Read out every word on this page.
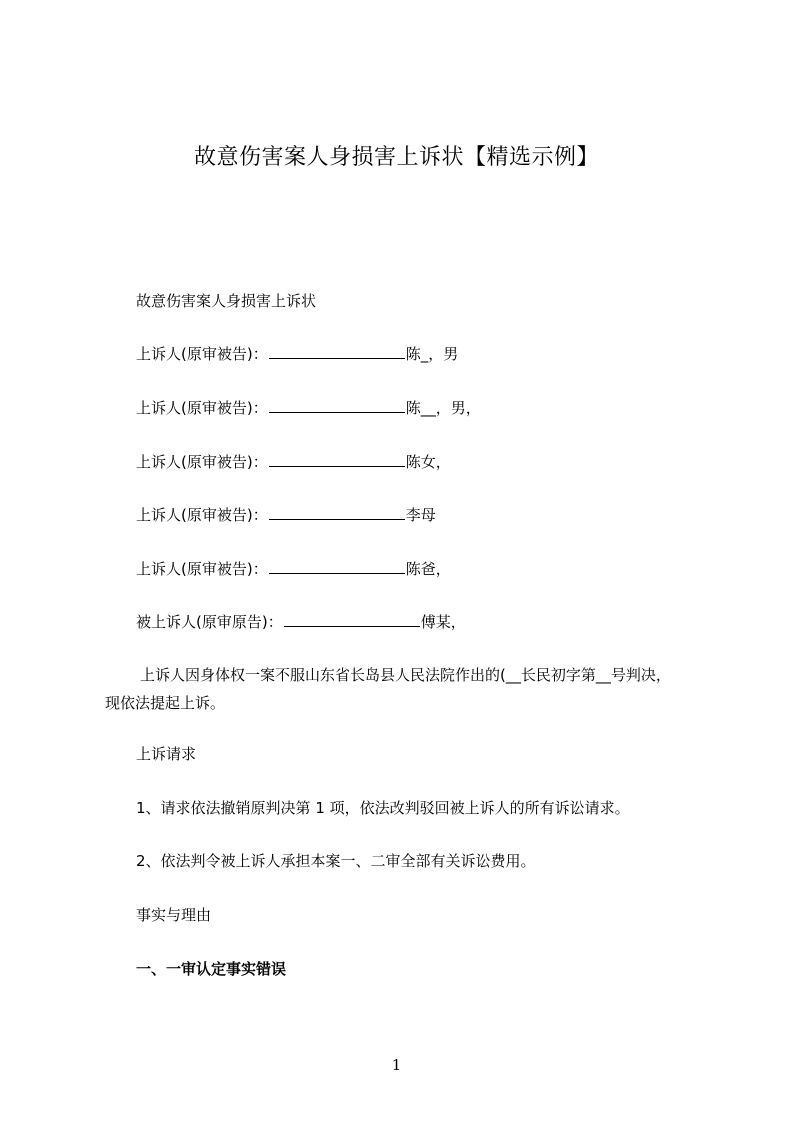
故意伤害案人身损害上诉状【精选示例】
故意伤害案人身损害上诉状
上诉人(原审被告)：	陈_，男
上诉人(原审被告)：	陈__，男，
上诉人(原审被告)：	陈女，
上诉人(原审被告)：	李母
上诉人(原审被告)：	陈爸，
被上诉人(原审原告)：	傅某，
上诉人因身体权一案不服山东省长岛县人民法院作出的(__长民初字第__号判决，
现依法提起上诉。
上诉请求
1、请求依法撤销原判决第 1 项，依法改判驳回被上诉人的所有诉讼请求。
2、依法判令被上诉人承担本案一、二审全部有关诉讼费用。
事实与理由
一、一审认定事实错误
1
